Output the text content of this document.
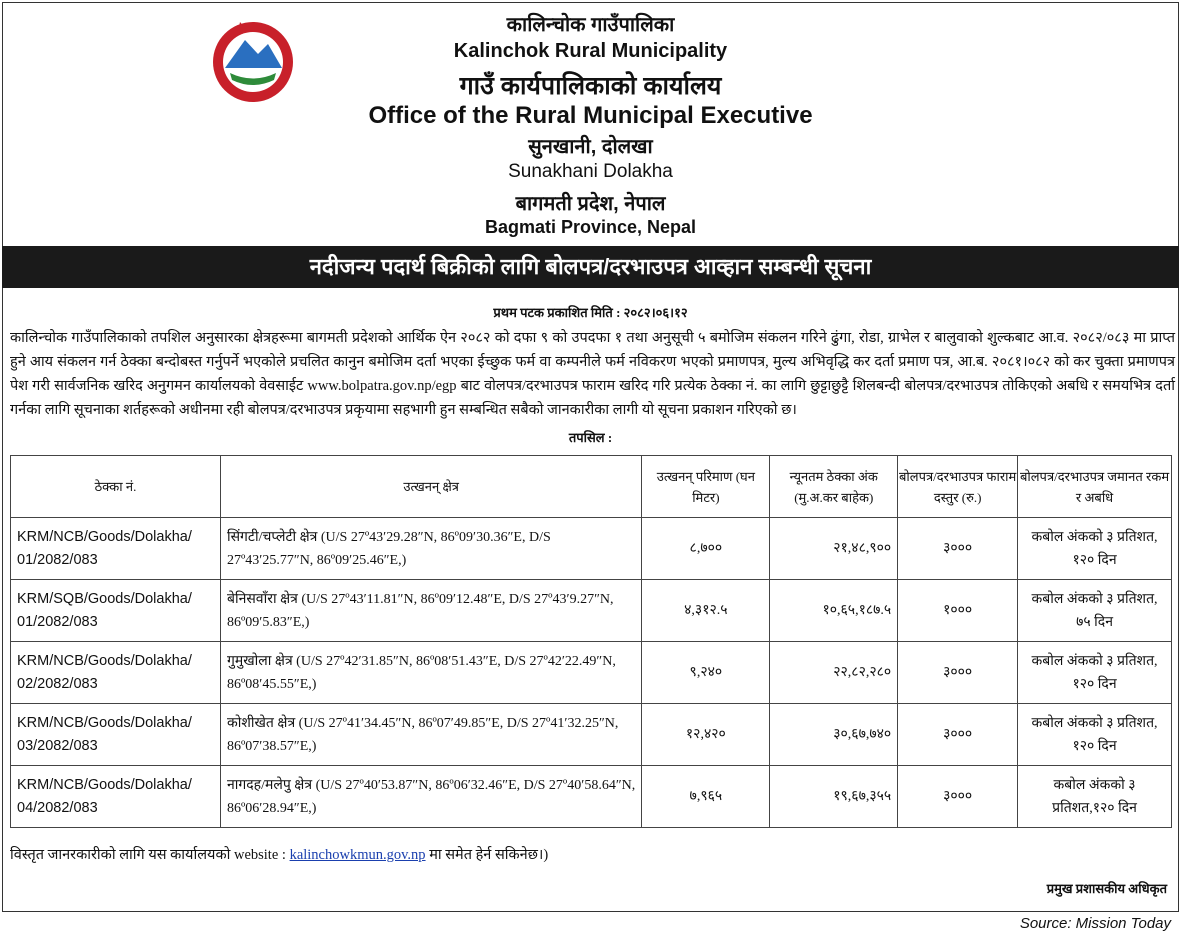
कालिन्चोक गाउँपालिका
Kalinchok Rural Municipality
गाउँ कार्यपालिकाको कार्यालय
Office of the Rural Municipal Executive
सुनखानी, दोलखा
Sunakhani Dolakha
बागमती प्रदेश, नेपाल
Bagmati Province, Nepal
नदीजन्य पदार्थ बिक्रीको लागि बोलपत्र/दरभाउपत्र आव्हान सम्बन्धी सूचना
प्रथम पटक प्रकाशित मिति : २०८२।०६।१२
कालिन्चोक गाउँपालिकाको तपशिल अनुसारका क्षेत्रहरूमा बागमती प्रदेशको आर्थिक ऐन २०८२ को दफा ९ को उपदफा १ तथा अनुसूची ५ बमोजिम संकलन गरिने ढुंगा, रोडा, ग्राभेल र बालुवाको शुल्कबाट आ.व. २०८२/०८३ मा प्राप्त हुने आय संकलन गर्न ठेक्का बन्दोबस्त गर्नुपर्ने भएकोले प्रचलित कानुन बमोजिम दर्ता भएका ईच्छुक फर्म वा कम्पनीले फर्म नविकरण भएको प्रमाणपत्र, मुल्य अभिवृद्धि कर दर्ता प्रमाण पत्र, आ.ब. २०८१।०८२ को कर चुक्ता प्रमाणपत्र पेश गरी सार्वजनिक खरिद अनुगमन कार्यालयको वेवसाईट www.bolpatra.gov.np/egp बाट वोलपत्र/दरभाउपत्र फाराम खरिद गरि प्रत्येक ठेक्का नं. का लागि छुट्टाछुट्टै शिलबन्दी बोलपत्र/दरभाउपत्र तोकिएको अबधि र समयभित्र दर्ता गर्नका लागि सूचनाका शर्तहरूको अधीनमा रही बोलपत्र/दरभाउपत्र प्रकृयामा सहभागी हुन सम्बन्धित सबैको जानकारीका लागी यो सूचना प्रकाशन गरिएको छ।
तपसिल :
ठेक्का नं.	उत्खनन् क्षेत्र	उत्खनन् परिमाण (घन मिटर)	न्यूनतम ठेक्का अंक (मु.अ.कर बाहेक)	बोलपत्र/दरभाउपत्र फाराम दस्तुर (रु.)	बोलपत्र/दरभाउपत्र जमानत रकम र अबधि
KRM/NCB/Goods/Dolakha/ 01/2082/083	सिंगटी/चप्लेटी क्षेत्र (U/S 27º43′29.28″N, 86º09′30.36″E, D/S 27º43′25.77″N, 86º09′25.46″E,)	८,७००	२१,४८,९००	३०००	कबोल अंकको ३ प्रतिशत, १२० दिन
KRM/SQB/Goods/Dolakha/ 01/2082/083	बेनिसवाँरा क्षेत्र (U/S 27º43′11.81″N, 86º09′12.48″E, D/S 27º43′9.27″N, 86º09′5.83″E,)	४,३१२.५	१०,६५,१८७.५	१०००	कबोल अंकको ३ प्रतिशत, ७५ दिन
KRM/NCB/Goods/Dolakha/ 02/2082/083	गुमुखोला क्षेत्र (U/S 27º42′31.85″N, 86º08′51.43″E, D/S 27º42′22.49″N, 86º08′45.55″E,)	९,२४०	२२,८२,२८०	३०००	कबोल अंकको ३ प्रतिशत, १२० दिन
KRM/NCB/Goods/Dolakha/ 03/2082/083	कोशीखेत क्षेत्र (U/S 27º41′34.45″N, 86º07′49.85″E, D/S 27º41′32.25″N, 86º07′38.57″E,)	१२,४२०	३०,६७,७४०	३०००	कबोल अंकको ३ प्रतिशत, १२० दिन
KRM/NCB/Goods/Dolakha/ 04/2082/083	नागदह/मलेपु क्षेत्र (U/S 27º40′53.87″N, 86º06′32.46″E, D/S 27º40′58.64″N, 86º06′28.94″E,)	७,९६५	१९,६७,३५५	३०००	कबोल अंकको ३ प्रतिशत,१२० दिन
विस्तृत जानरकारीको लागि यस कार्यालयको website : kalinchowkmun.gov.np मा समेत हेर्न सकिनेछ।)
प्रमुख प्रशासकीय अधिकृत
Source: Mission Today
